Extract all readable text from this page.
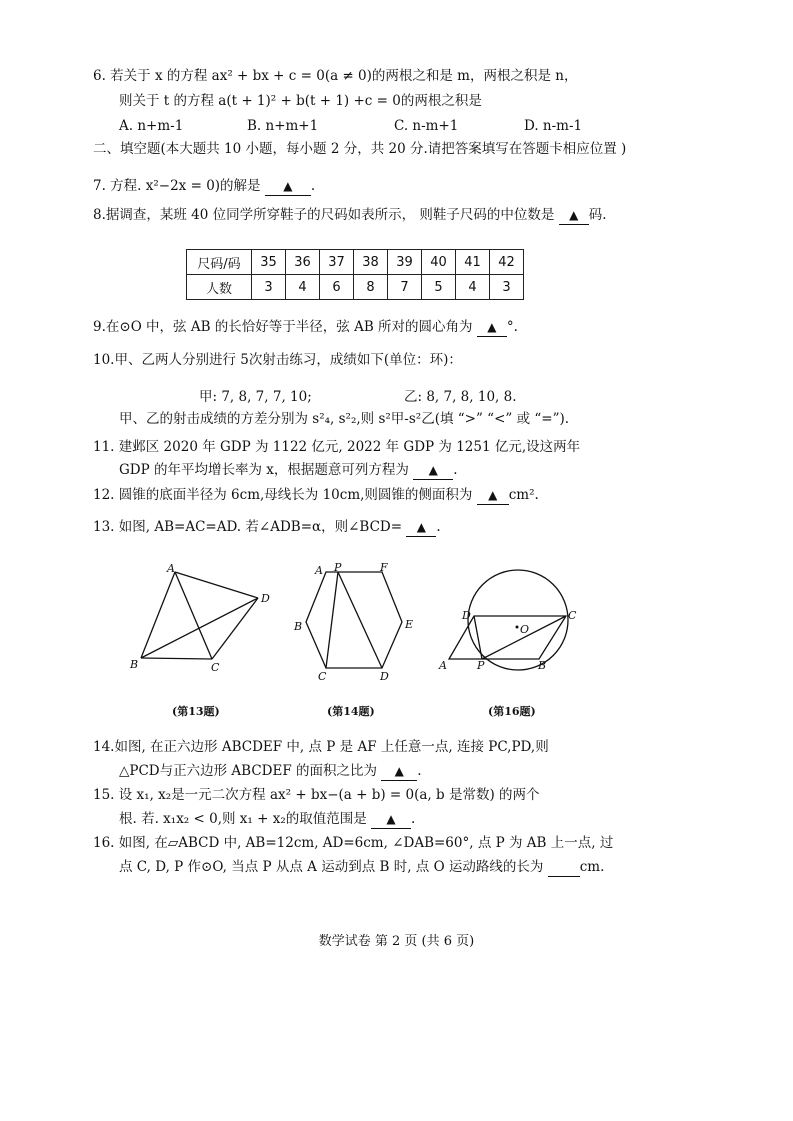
6. 若关于 x 的方程 ax² + bx + c = 0(a ≠ 0)的两根之和是 m，两根之积是 n，
则关于 t 的方程 a(t + 1)² + b(t + 1) +c = 0的两根之积是
A. n+m-1	B. n+m+1	C. n-m+1	D. n-m-1
二、填空题(本大题共 10 小题，每小题 2 分，共 20 分.请把答案填写在答题卡相应位置 )
7. 方程. x²−2x = 0)的解是 ▲ .
8.据调查，某班 40 位同学所穿鞋子的尺码如表所示， 则鞋子尺码的中位数是 ▲ 码.
尺码/码	35	36	37	38	39	40	41	42
人数	3	4	6	8	7	5	4	3
9.在⊙O 中，弦 AB 的长恰好等于半径，弦 AB 所对的圆心角为 ▲ °.
10.甲、乙两人分别进行 5次射击练习，成绩如下(单位：环)：
甲: 7, 8, 7, 7, 10;	乙: 8, 7, 8, 10, 8.
甲、乙的射击成绩的方差分别为 s²₄, s²₂,则 s²甲-s²乙(填 “>” “<” 或 “=”).
11. 建邺区 2020 年 GDP 为 1122 亿元, 2022 年 GDP 为 1251 亿元,设这两年
GDP 的年平均增长率为 x，根据题意可列方程为 ▲ .
12. 圆锥的底面半径为 6cm,母线长为 10cm,则圆锥的侧面积为 ▲ cm².
13. 如图, AB=AC=AD. 若∠ADB=α，则∠BCD= ▲ .
A
D
B	C
(第13题)
A P	F
B	E
C	D
(第14题)
D	C
O
A	P	B
(第16题)
14.如图, 在正六边形 ABCDEF 中, 点 P 是 AF 上任意一点, 连接 PC,PD,则
△PCD与正六边形 ABCDEF 的面积之比为 ▲ .
15. 设 x₁, x₂是一元二次方程 ax² + bx−(a + b) = 0(a, b 是常数) 的两个
根. 若. x₁x₂ < 0,则 x₁ + x₂的取值范围是 ▲ .
16. 如图, 在▱ABCD 中, AB=12cm, AD=6cm, ∠DAB=60°, 点 P 为 AB 上一点, 过
点 C, D, P 作⊙O, 当点 P 从点 A 运动到点 B 时, 点 O 运动路线的长为	cm.
数学试卷 第 2 页 (共 6 页)
